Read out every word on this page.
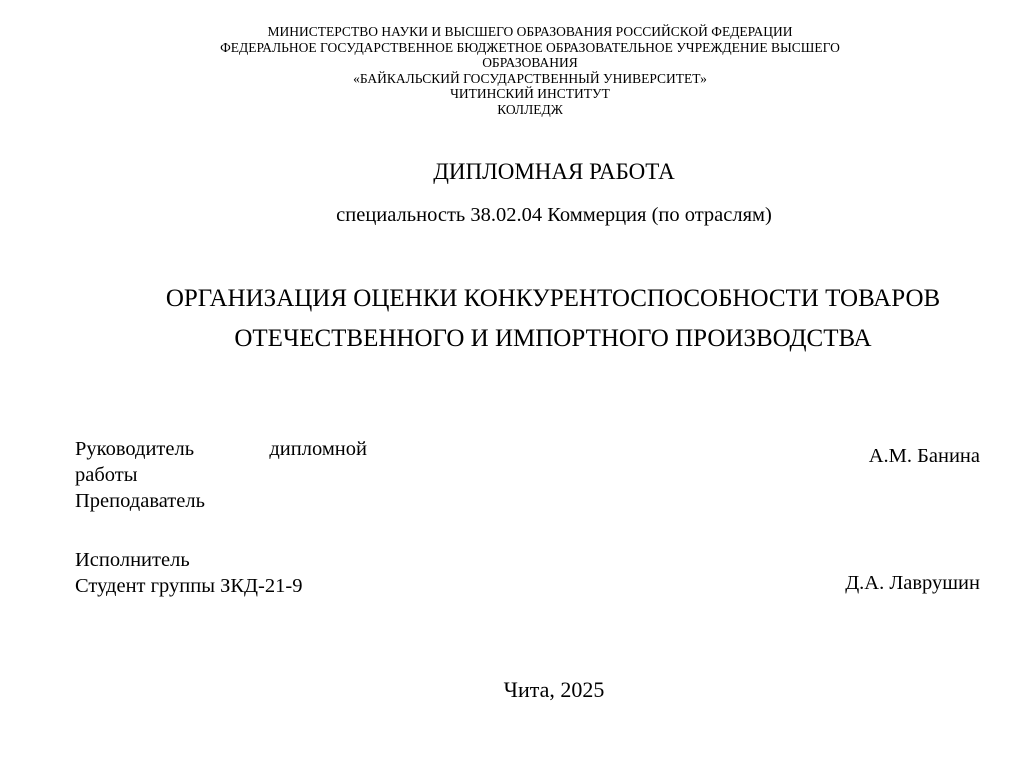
МИНИСТЕРСТВО НАУКИ И ВЫСШЕГО ОБРАЗОВАНИЯ РОССИЙСКОЙ ФЕДЕРАЦИИ
ФЕДЕРАЛЬНОЕ ГОСУДАРСТВЕННОЕ БЮДЖЕТНОЕ ОБРАЗОВАТЕЛЬНОЕ УЧРЕЖДЕНИЕ ВЫСШЕГО
ОБРАЗОВАНИЯ
«БАЙКАЛЬСКИЙ ГОСУДАРСТВЕННЫЙ УНИВЕРСИТЕТ»
ЧИТИНСКИЙ ИНСТИТУТ
КОЛЛЕДЖ
ДИПЛОМНАЯ РАБОТА
специальность 38.02.04 Коммерция (по отраслям)
ОРГАНИЗАЦИЯ ОЦЕНКИ КОНКУРЕНТОСПОСОБНОСТИ ТОВАРОВ
ОТЕЧЕСТВЕННОГО И ИМПОРТНОГО ПРОИЗВОДСТВА
Руководитель дипломной
работы
Преподаватель
Исполнитель
Студент группы ЗКД-21-9
А.М. Банина
Д.А. Лаврушин
Чита, 2025
